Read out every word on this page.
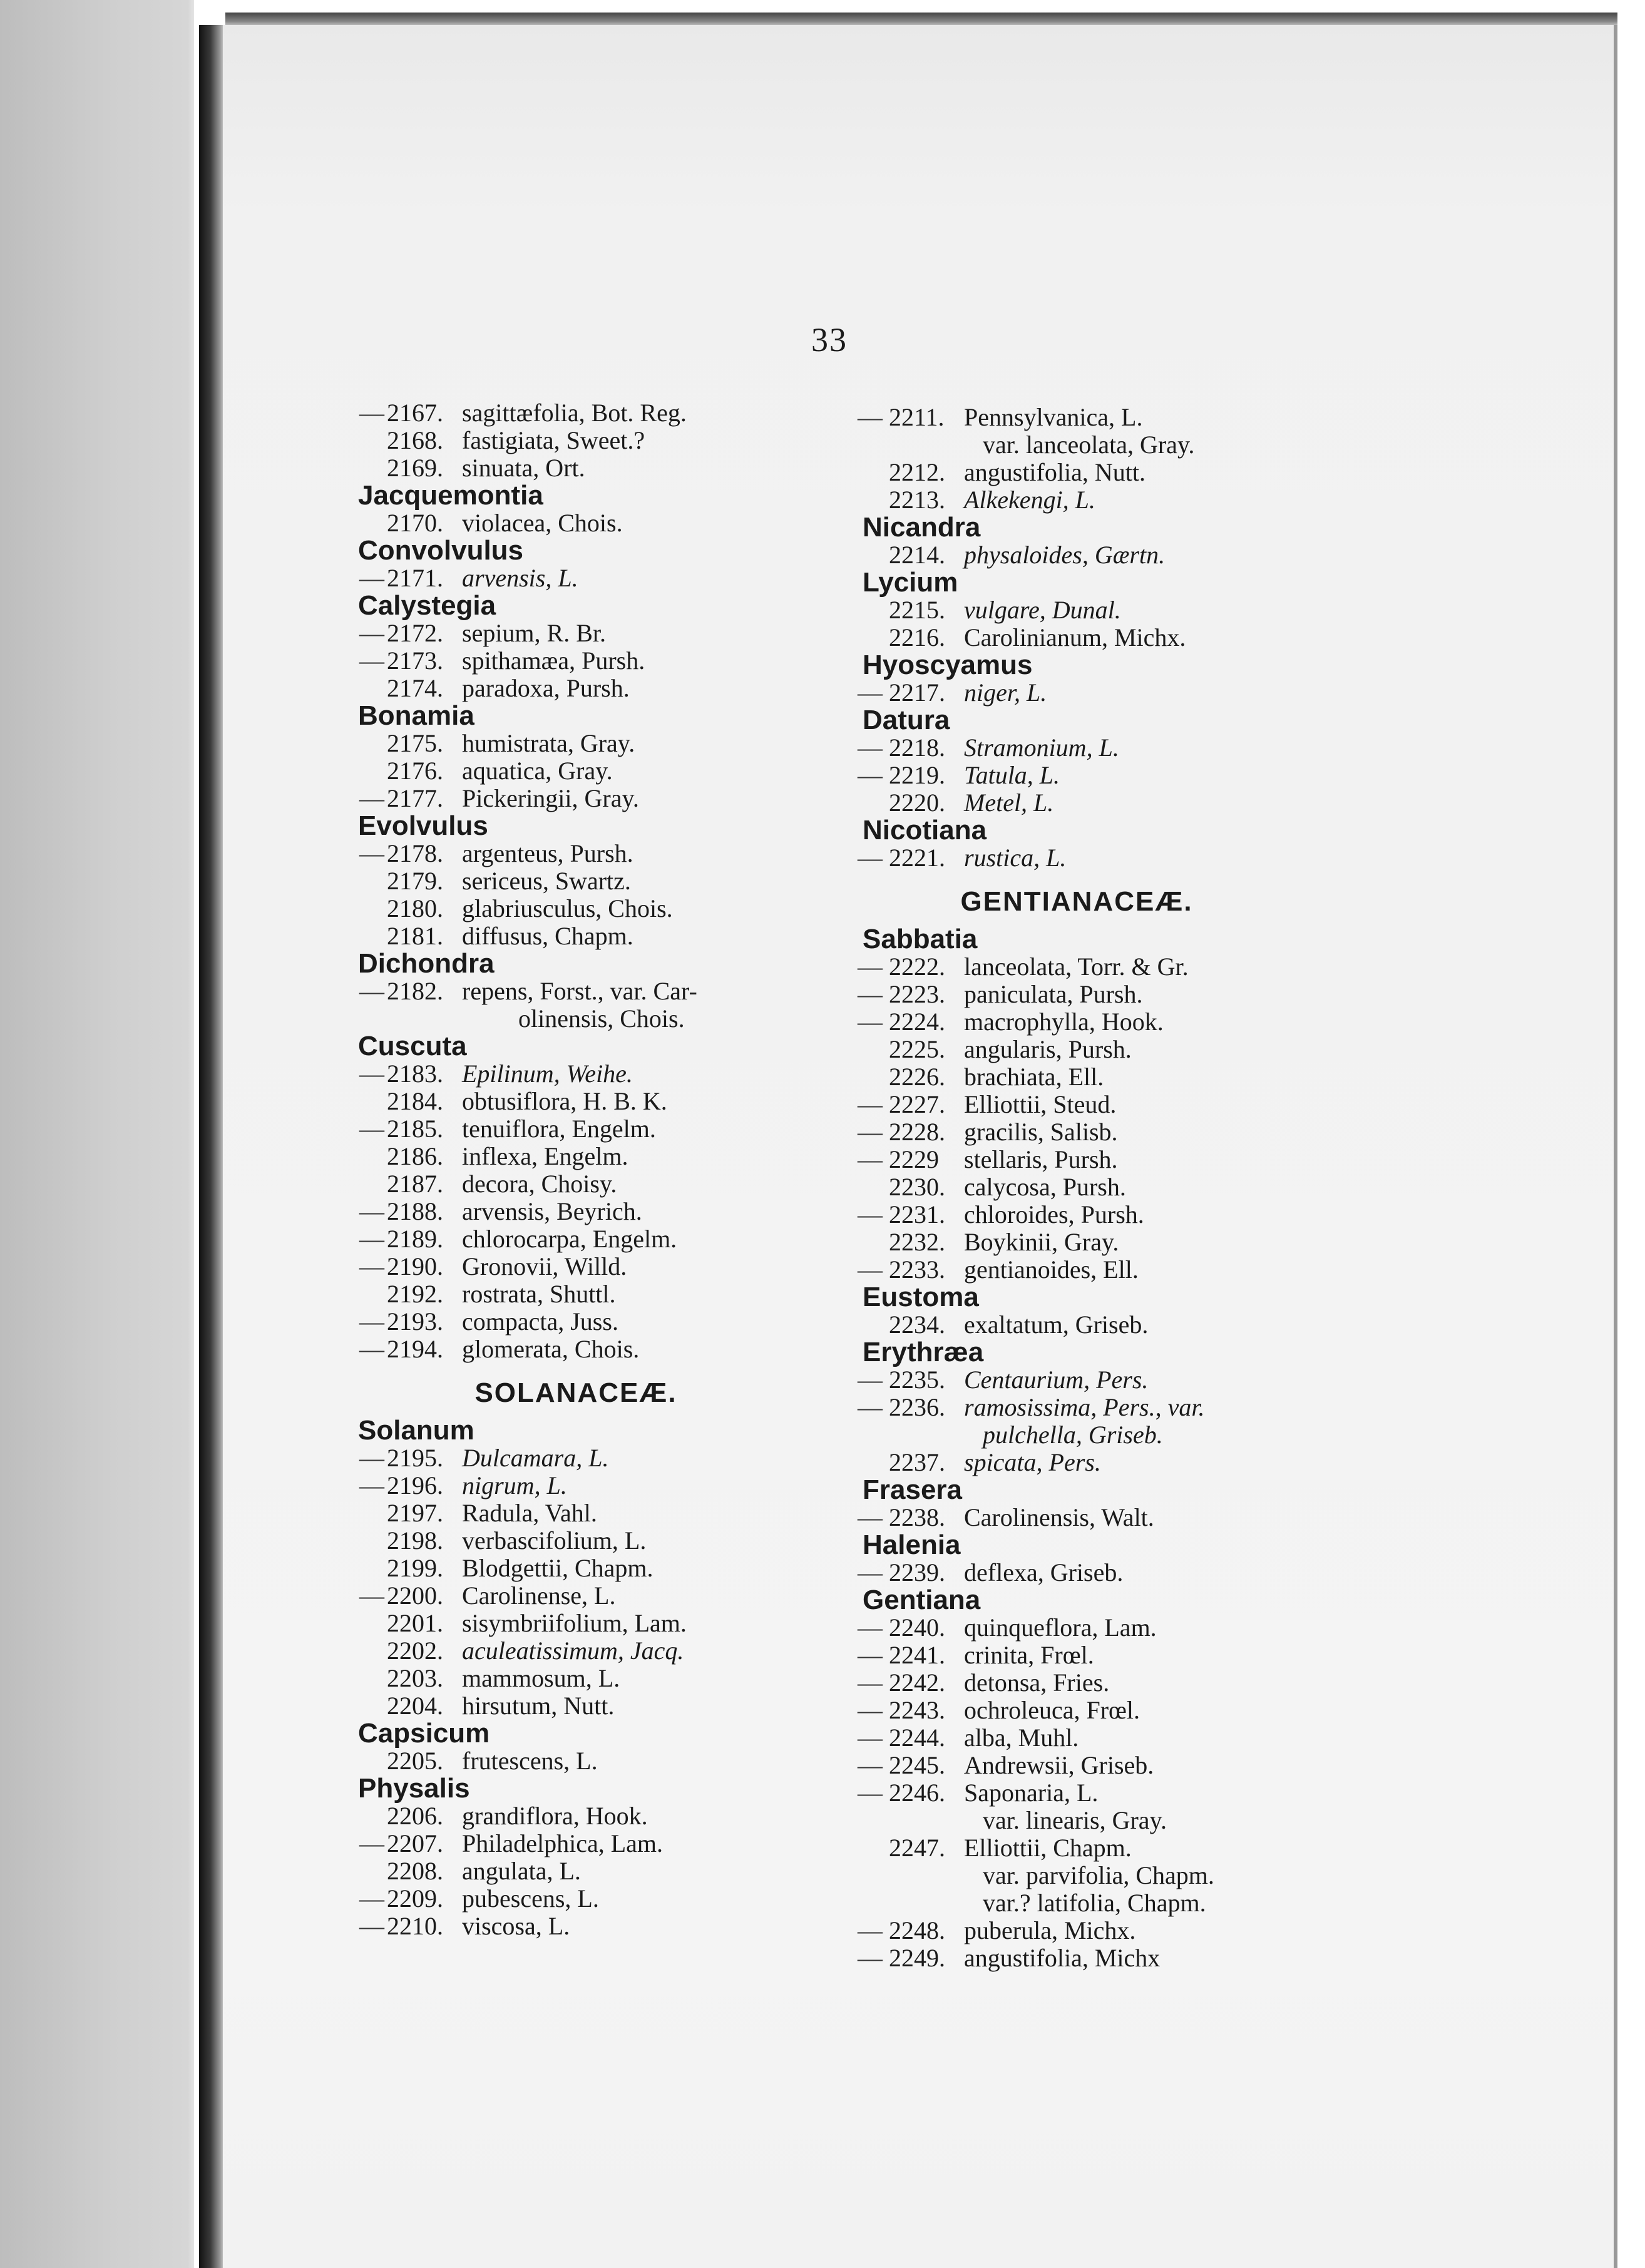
33
— 2167. sagittæfolia, Bot. Reg.
2168. fastigiata, Sweet.?
2169. sinuata, Ort.
Jacquemontia
2170. violacea, Chois.
Convolvulus
— 2171. arvensis, L.
Calystegia
— 2172. sepium, R. Br.
— 2173. spithamæa, Pursh.
2174. paradoxa, Pursh.
Bonamia
2175. humistrata, Gray.
2176. aquatica, Gray.
— 2177. Pickeringii, Gray.
Evolvulus
— 2178. argenteus, Pursh.
2179. sericeus, Swartz.
2180. glabriusculus, Chois.
2181. diffusus, Chapm.
Dichondra
— 2182. repens, Forst., var. Car-
olinensis, Chois.
Cuscuta
— 2183. Epilinum, Weihe.
2184. obtusiflora, H. B. K.
— 2185. tenuiflora, Engelm.
2186. inflexa, Engelm.
2187. decora, Choisy.
— 2188. arvensis, Beyrich.
— 2189. chlorocarpa, Engelm.
— 2190. Gronovii, Willd.
2192. rostrata, Shuttl.
— 2193. compacta, Juss.
— 2194. glomerata, Chois.
SOLANACEÆ.
Solanum
— 2195. Dulcamara, L.
— 2196. nigrum, L.
2197. Radula, Vahl.
2198. verbascifolium, L.
2199. Blodgettii, Chapm.
— 2200. Carolinense, L.
2201. sisymbriifolium, Lam.
2202. aculeatissimum, Jacq.
2203. mammosum, L.
2204. hirsutum, Nutt.
Capsicum
2205. frutescens, L.
Physalis
2206. grandiflora, Hook.
— 2207. Philadelphica, Lam.
2208. angulata, L.
— 2209. pubescens, L.
— 2210. viscosa, L.
— 2211. Pennsylvanica, L.
var. lanceolata, Gray.
2212. angustifolia, Nutt.
2213. Alkekengi, L.
Nicandra
2214. physaloides, Gærtn.
Lycium
2215. vulgare, Dunal.
2216. Carolinianum, Michx.
Hyoscyamus
— 2217. niger, L.
Datura
— 2218. Stramonium, L.
— 2219. Tatula, L.
2220. Metel, L.
Nicotiana
— 2221. rustica, L.
GENTIANACEÆ.
Sabbatia
— 2222. lanceolata, Torr. & Gr.
— 2223. paniculata, Pursh.
— 2224. macrophylla, Hook.
2225. angularis, Pursh.
2226. brachiata, Ell.
— 2227. Elliottii, Steud.
— 2228. gracilis, Salisb.
— 2229 stellaris, Pursh.
2230. calycosa, Pursh.
— 2231. chloroides, Pursh.
2232. Boykinii, Gray.
— 2233. gentianoides, Ell.
Eustoma
2234. exaltatum, Griseb.
Erythræa
— 2235. Centaurium, Pers.
— 2236. ramosissima, Pers., var.
pulchella, Griseb.
2237. spicata, Pers.
Frasera
— 2238. Carolinensis, Walt.
Halenia
— 2239. deflexa, Griseb.
Gentiana
— 2240. quinqueflora, Lam.
— 2241. crinita, Frœl.
— 2242. detonsa, Fries.
— 2243. ochroleuca, Frœl.
— 2244. alba, Muhl.
— 2245. Andrewsii, Griseb.
— 2246. Saponaria, L.
var. linearis, Gray.
2247. Elliottii, Chapm.
var. parvifolia, Chapm.
var.? latifolia, Chapm.
— 2248. puberula, Michx.
— 2249. angustifolia, Michx
